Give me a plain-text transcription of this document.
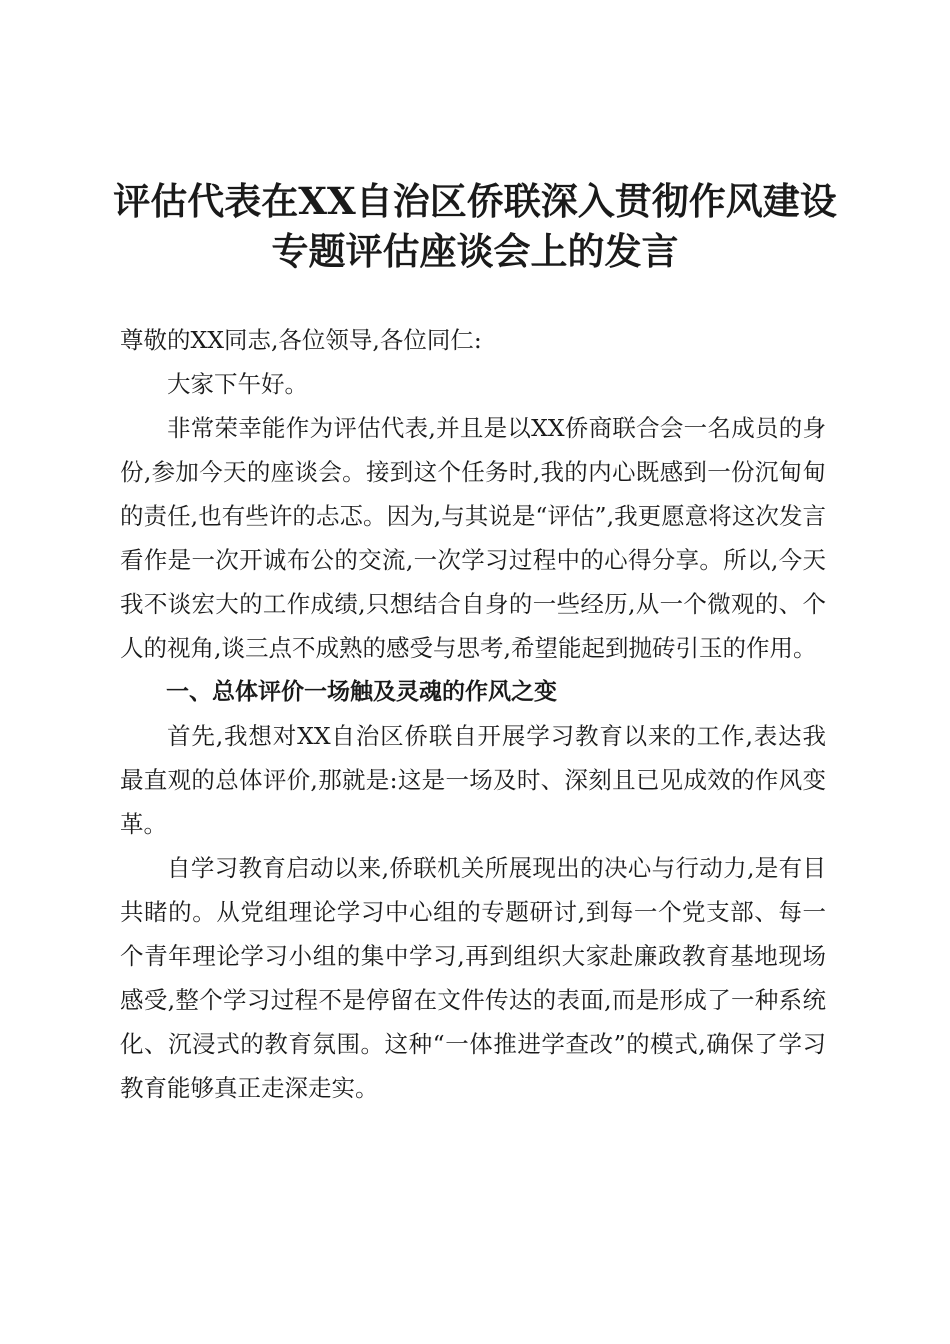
评估代表在XX自治区侨联深入贯彻作风建设
专题评估座谈会上的发言

尊敬的XX同志,各位领导,各位同仁:

大家下午好。

非常荣幸能作为评估代表,并且是以XX侨商联合会一名成员的身份,参加今天的座谈会。接到这个任务时,我的内心既感到一份沉甸甸的责任,也有些许的忐忑。因为,与其说是“评估”,我更愿意将这次发言看作是一次开诚布公的交流,一次学习过程中的心得分享。所以,今天我不谈宏大的工作成绩,只想结合自身的一些经历,从一个微观的、个人的视角,谈三点不成熟的感受与思考,希望能起到抛砖引玉的作用。

一、总体评价一场触及灵魂的作风之变

首先,我想对XX自治区侨联自开展学习教育以来的工作,表达我最直观的总体评价,那就是:这是一场及时、深刻且已见成效的作风变革。

自学习教育启动以来,侨联机关所展现出的决心与行动力,是有目共睹的。从党组理论学习中心组的专题研讨,到每一个党支部、每一个青年理论学习小组的集中学习,再到组织大家赴廉政教育基地现场感受,整个学习过程不是停留在文件传达的表面,而是形成了一种系统化、沉浸式的教育氛围。这种“一体推进学查改”的模式,确保了学习教育能够真正走深走实。
